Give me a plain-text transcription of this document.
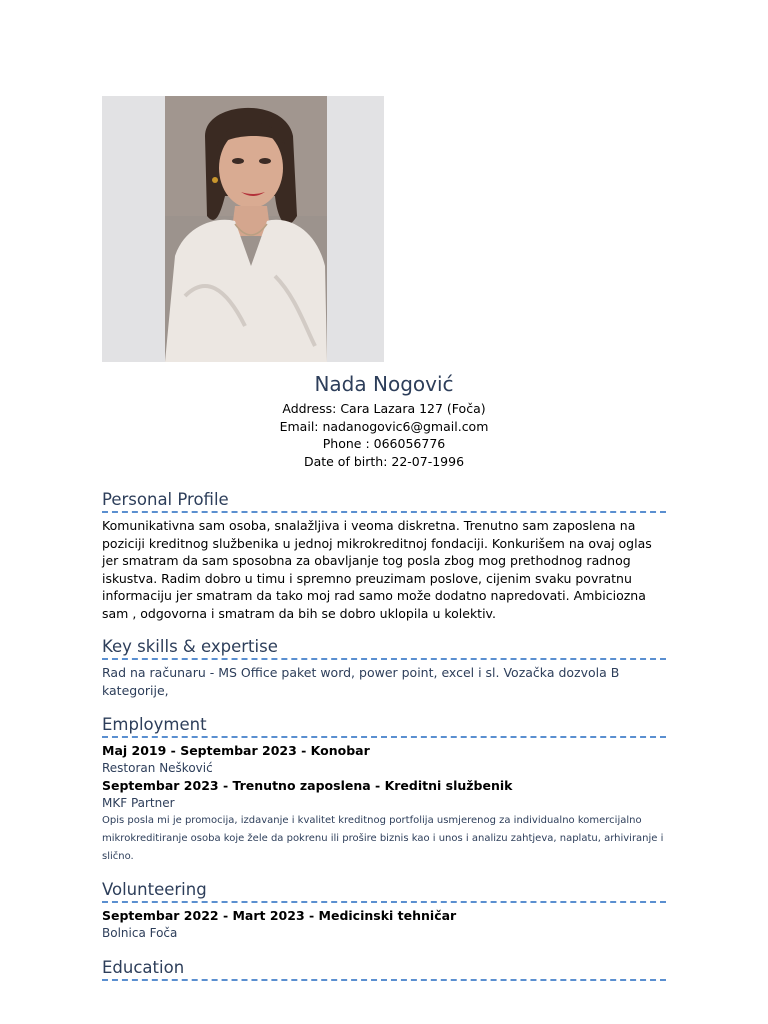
Nada Nogović
Address: Cara Lazara 127 (Foča)
Email: nadanogovic6@gmail.com
Phone : 066056776
Date of birth: 22-07-1996
Personal Profile
Komunikativna sam osoba, snalažljiva i veoma diskretna. Trenutno sam zaposlena na poziciji kreditnog službenika u jednoj mikrokreditnoj fondaciji. Konkurišem na ovaj oglas jer smatram da sam sposobna za obavljanje tog posla zbog mog prethodnog radnog iskustva. Radim dobro u timu i spremno preuzimam poslove, cijenim svaku povratnu informaciju jer smatram da tako moj rad samo može dodatno napredovati. Ambiciozna sam , odgovorna i smatram da bih se dobro uklopila u kolektiv.
Key skills & expertise
Rad na računaru - MS Office paket word, power point, excel i sl. Vozačka dozvola B kategorije,
Employment
Maj 2019 - Septembar 2023 - Konobar
Restoran Nešković
Septembar 2023 - Trenutno zaposlena - Kreditni službenik
MKF Partner
Opis posla mi je promocija, izdavanje i kvalitet kreditnog portfolija usmjerenog za individualno komercijalno mikrokreditiranje osoba koje žele da pokrenu ili prošire biznis kao i unos i analizu zahtjeva, naplatu, arhiviranje i slično.
Volunteering
Septembar 2022 - Mart 2023 - Medicinski tehničar
Bolnica Foča
Education
